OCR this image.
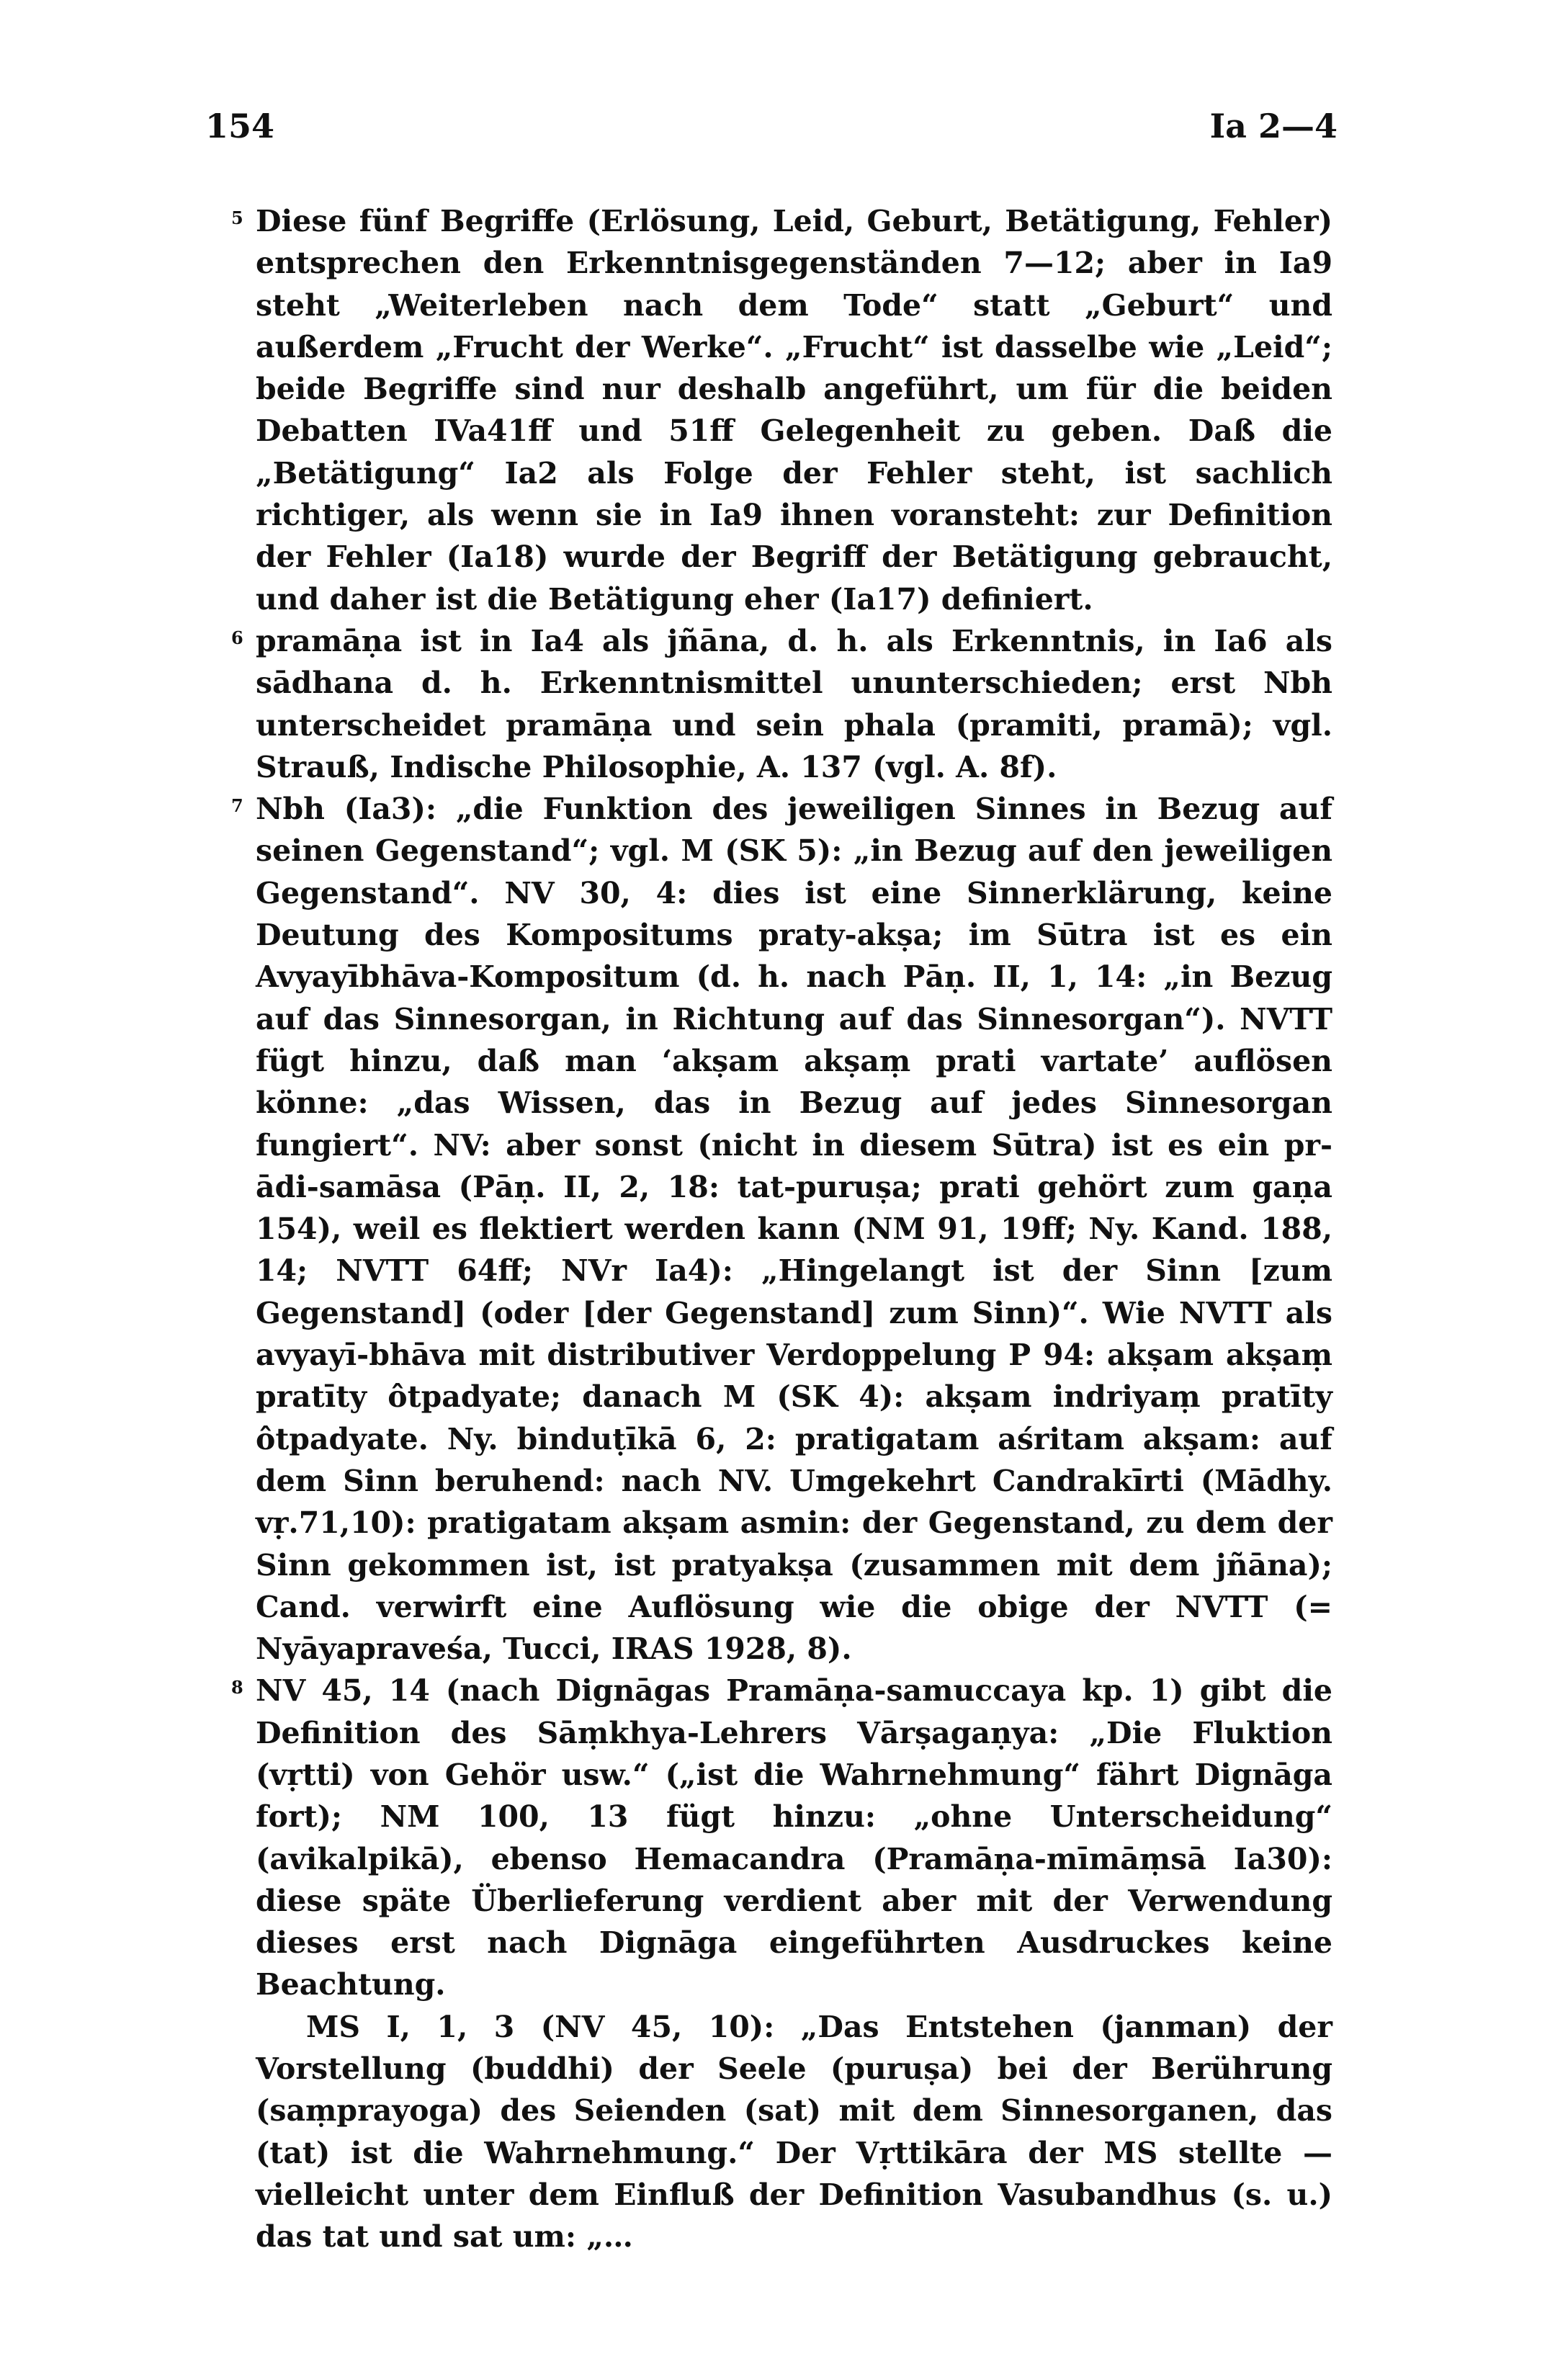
154	Ia 2—4

5 Diese fünf Begriffe (Erlösung, Leid, Geburt, Betätigung, Fehler) entsprechen den Erkenntnisgegenständen 7—12; aber in Ia9 steht „Weiterleben nach dem Tode“ statt „Geburt“ und außerdem „Frucht der Werke“. „Frucht“ ist dasselbe wie „Leid“; beide Begriffe sind nur deshalb angeführt, um für die beiden Debatten IVa41ff und 51ff Gelegenheit zu geben. Daß die „Betätigung“ Ia2 als Folge der Fehler steht, ist sachlich richtiger, als wenn sie in Ia9 ihnen voransteht: zur Definition der Fehler (Ia18) wurde der Begriff der Betätigung gebraucht, und daher ist die Betätigung eher (Ia17) definiert.

6 pramāṇa ist in Ia4 als jñāna, d. h. als Erkenntnis, in Ia6 als sādhana d. h. Erkenntnismittel ununterschieden; erst Nbh unterscheidet pramāṇa und sein phala (pramiti, pramā); vgl. Strauß, Indische Philosophie, A. 137 (vgl. A. 8f).

7 Nbh (Ia3): „die Funktion des jeweiligen Sinnes in Bezug auf seinen Gegenstand“; vgl. M (SK 5): „in Bezug auf den jeweiligen Gegenstand“. NV 30, 4: dies ist eine Sinnerklärung, keine Deutung des Kompositums praty-akṣa; im Sūtra ist es ein Avyayībhāva-Kompositum (d. h. nach Pāṇ. II, 1, 14: „in Bezug auf das Sinnesorgan, in Richtung auf das Sinnesorgan“). NVTT fügt hinzu, daß man ‘akṣam akṣaṃ prati vartate’ auflösen könne: „das Wissen, das in Bezug auf jedes Sinnesorgan fungiert“. NV: aber sonst (nicht in diesem Sūtra) ist es ein pr-ādi-samāsa (Pāṇ. II, 2, 18: tat-puruṣa; prati gehört zum gaṇa 154), weil es flektiert werden kann (NM 91, 19ff; Ny. Kand. 188, 14; NVTT 64ff; NVr Ia4): „Hingelangt ist der Sinn [zum Gegenstand] (oder [der Gegenstand] zum Sinn)“. Wie NVTT als avyayī-bhāva mit distributiver Verdoppelung P 94: akṣam akṣaṃ pratīty ôtpadyate; danach M (SK 4): akṣam indriyaṃ pratīty ôtpadyate. Ny. binduṭīkā 6, 2: pratigatam aśritam akṣam: auf dem Sinn beruhend: nach NV. Umgekehrt Candrakīrti (Mādhy. vṛ.71,10): pratigatam akṣam asmin: der Gegenstand, zu dem der Sinn gekommen ist, ist pratyakṣa (zusammen mit dem jñāna); Cand. verwirft eine Auflösung wie die obige der NVTT (= Nyāyapraveśa, Tucci, IRAS 1928, 8).

8 NV 45, 14 (nach Dignāgas Pramāṇa-samuccaya kp. 1) gibt die Definition des Sāṃkhya-Lehrers Vārṣagaṇya: „Die Fluktion (vṛtti) von Gehör usw.“ („ist die Wahrnehmung“ fährt Dignāga fort); NM 100, 13 fügt hinzu: „ohne Unterscheidung“ (avikalpikā), ebenso Hemacandra (Pramāṇa-mīmāṃsā Ia30): diese späte Überlieferung verdient aber mit der Verwendung dieses erst nach Dignāga eingeführten Ausdruckes keine Beachtung.

MS I, 1, 3 (NV 45, 10): „Das Entstehen (janman) der Vorstellung (buddhi) der Seele (puruṣa) bei der Berührung (saṃprayoga) des Seienden (sat) mit dem Sinnesorganen, das (tat) ist die Wahrnehmung.“ Der Vṛttikāra der MS stellte — vielleicht unter dem Einfluß der Definition Vasubandhus (s. u.) das tat und sat um: „…
